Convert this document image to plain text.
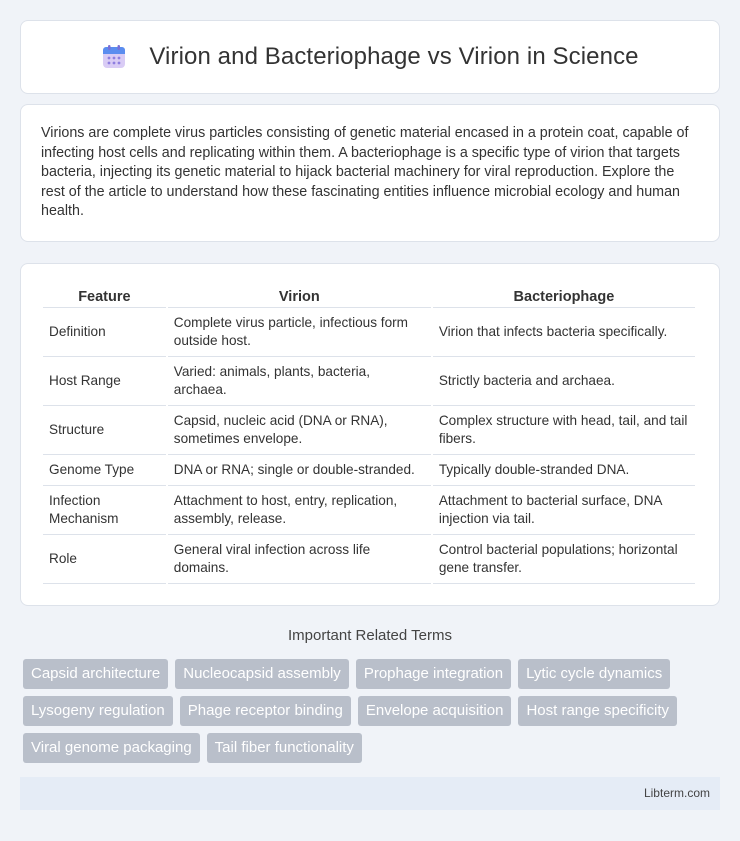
Virion and Bacteriophage vs Virion in Science

Virions are complete virus particles consisting of genetic material encased in a protein coat, capable of infecting host cells and replicating within them. A bacteriophage is a specific type of virion that targets bacteria, injecting its genetic material to hijack bacterial machinery for viral reproduction. Explore the rest of the article to understand how these fascinating entities influence microbial ecology and human health.

Feature	Virion	Bacteriophage
Definition	Complete virus particle, infectious form outside host.	Virion that infects bacteria specifically.
Host Range	Varied: animals, plants, bacteria, archaea.	Strictly bacteria and archaea.
Structure	Capsid, nucleic acid (DNA or RNA), sometimes envelope.	Complex structure with head, tail, and tail fibers.
Genome Type	DNA or RNA; single or double-stranded.	Typically double-stranded DNA.
Infection Mechanism	Attachment to host, entry, replication, assembly, release.	Attachment to bacterial surface, DNA injection via tail.
Role	General viral infection across life domains.	Control bacterial populations; horizontal gene transfer.
Important Related Terms
Capsid architecture	Nucleocapsid assembly	Prophage integration	Lytic cycle dynamics
Lysogeny regulation	Phage receptor binding	Envelope acquisition	Host range specificity
Viral genome packaging	Tail fiber functionality
Libterm.com
